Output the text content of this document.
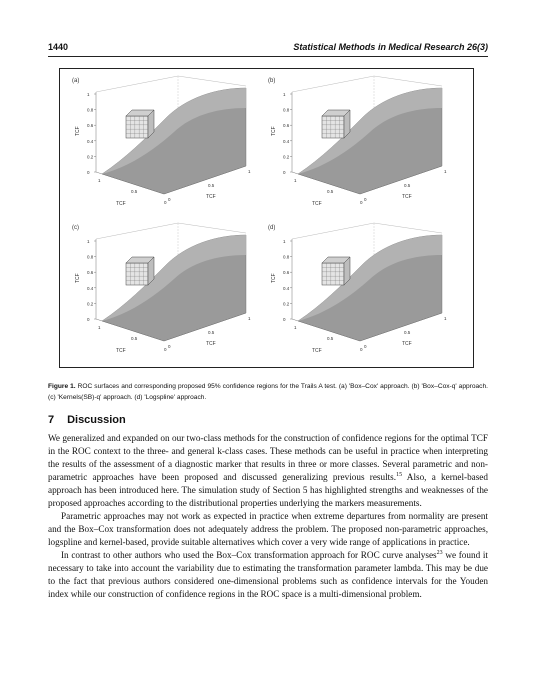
1440	Statistical Methods in Medical Research 26(3)
1
0.8
0.6
0.4
0.2
0
1
0.5
0
0
0.5
1
TCF
TCF
TCF
(a)
1
0.8
0.6
0.4
0.2
0
1
0.5
0
0
0.5
1
TCF
TCF
TCF
(b)
1
0.8
0.6
0.4
0.2
0
1
0.5
0
0
0.5
1
TCF
TCF
TCF
(c)
1
0.8
0.6
0.4
0.2
0
1
0.5
0
0
0.5
1
TCF
TCF
TCF
(d)
Figure 1. ROC surfaces and corresponding proposed 95% confidence regions for the Trails A test. (a) 'Box–Cox' approach. (b) 'Box–Cox-q' approach. (c) 'Kernels(SB)-q' approach. (d) 'Logspline' approach.
7 Discussion

We generalized and expanded on our two-class methods for the construction of confidence regions for the optimal TCF in the ROC context to the three- and general k-class cases. These methods can be useful in practice when interpreting the results of the assessment of a diagnostic marker that results in three or more classes. Several parametric and non-parametric approaches have been proposed and discussed generalizing previous results.$^{15}$ Also, a kernel-based approach has been introduced here. The simulation study of Section 5 has highlighted strengths and weaknesses of the proposed approaches according to the distributional properties underlying the markers measurements.

Parametric approaches may not work as expected in practice when extreme departures from normality are present and the Box–Cox transformation does not adequately address the problem. The proposed non-parametric approaches, logspline and kernel-based, provide suitable alternatives which cover a very wide range of applications in practice.

In contrast to other authors who used the Box–Cox transformation approach for ROC curve analyses$^{23}$ we found it necessary to take into account the variability due to estimating the transformation parameter lambda. This may be due to the fact that previous authors considered one-dimensional problems such as confidence intervals for the Youden index while our construction of confidence regions in the ROC space is a multi-dimensional problem.
